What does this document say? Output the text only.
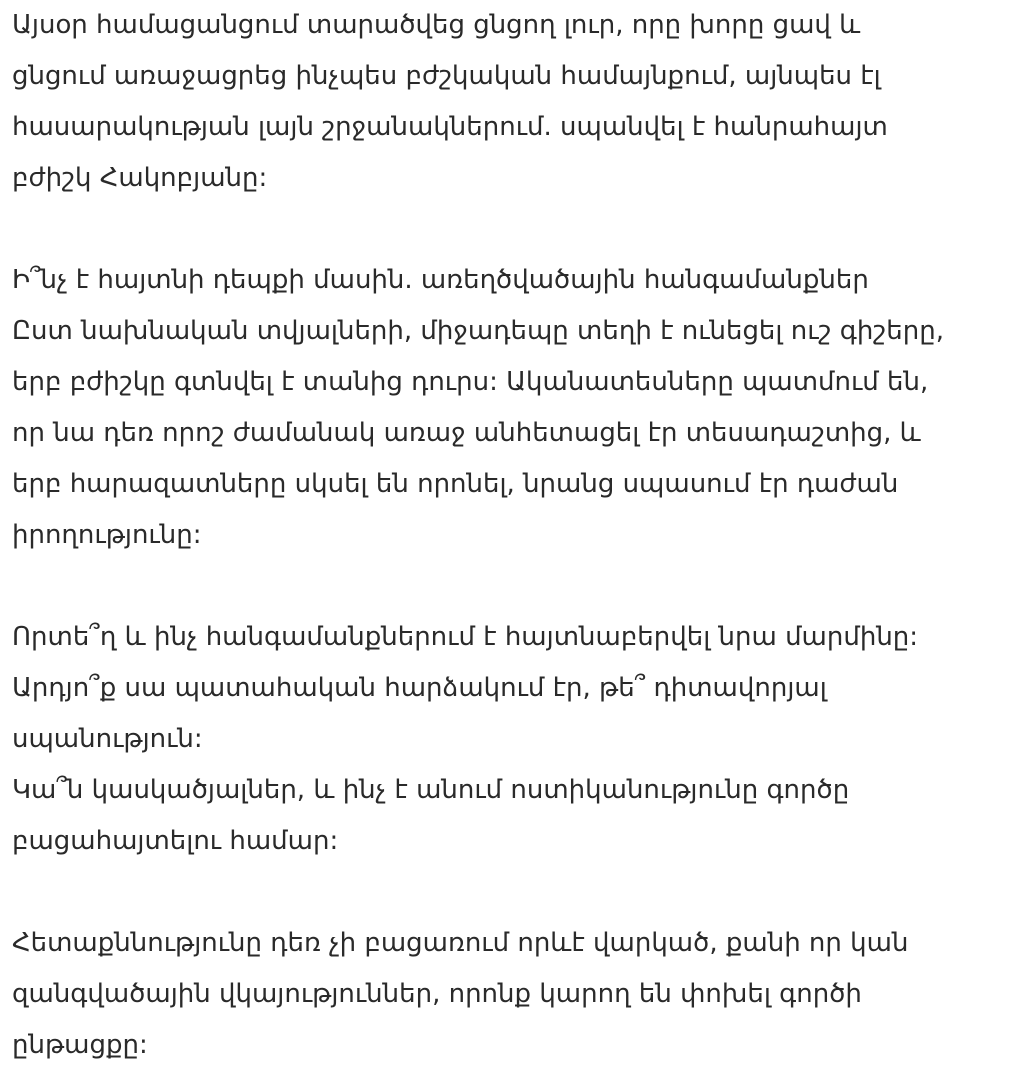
Այսօր համացանցում տարածվեց ցնցող լուր, որը խորը ցավ և
ցնցում առաջացրեց ինչպես բժշկական համայնքում, այնպես էլ
հասարակության լայն շրջանակներում. սպանվել է հանրահայտ
բժիշկ Հակոբյանը:
Ի՞նչ է հայտնի դեպքի մասին. առեղծվածային հանգամանքներ
Ըստ նախնական տվյալների, միջադեպը տեղի է ունեցել ուշ գիշերը,
երբ բժիշկը գտնվել է տանից դուրս: Ականատեսները պատմում են,
որ նա դեռ որոշ ժամանակ առաջ անհետացել էր տեսադաշտից, և
երբ հարազատները սկսել են որոնել, նրանց սպասում էր դաժան
իրողությունը:
Որտե՞ղ և ինչ հանգամանքներում է հայտնաբերվել նրա մարմինը:
Արդյո՞ք սա պատահական հարձակում էր, թե՞ դիտավորյալ
սպանություն:
Կա՞ն կասկածյալներ, և ինչ է անում ոստիկանությունը գործը
բացահայտելու համար:
Հետաքննությունը դեռ չի բացառում որևէ վարկած, քանի որ կան
զանգվածային վկայություններ, որոնք կարող են փոխել գործի
ընթացքը:
